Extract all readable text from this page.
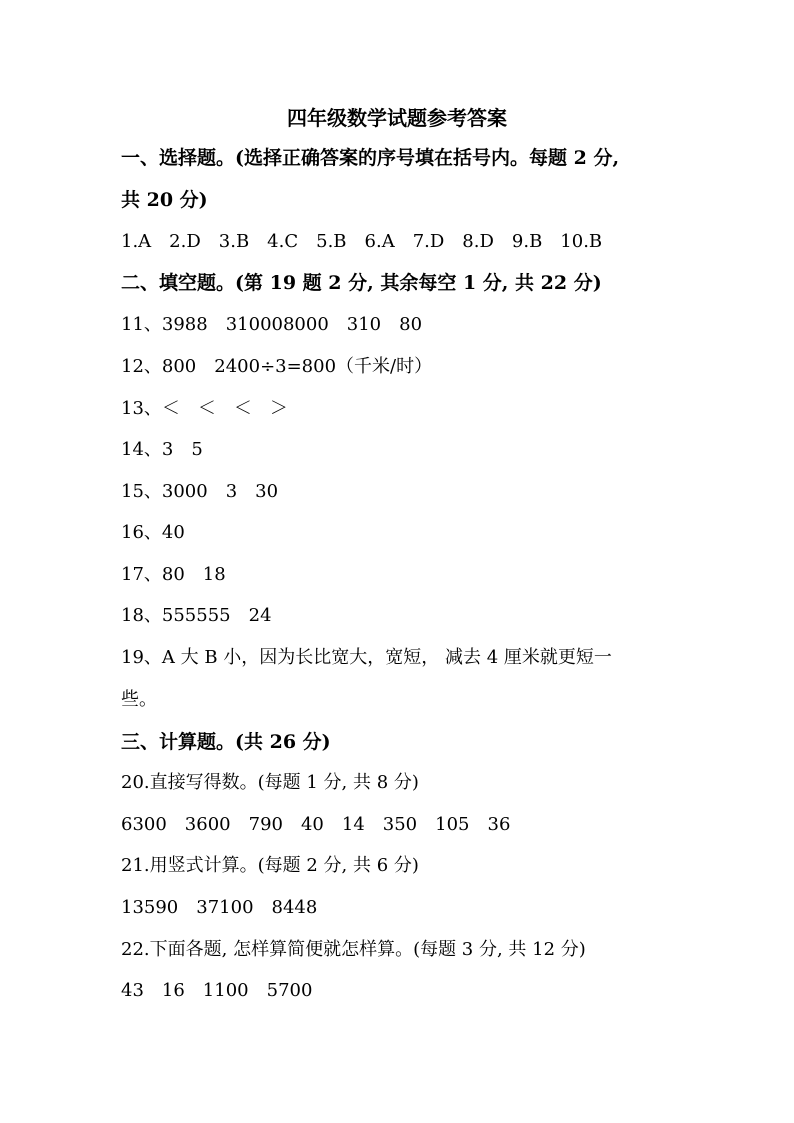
四年级数学试题参考答案
一、选择题。(选择正确答案的序号填在括号内。每题 2 分,
共 20 分)
1.A　2.D　3.B　4.C　5.B　6.A　7.D　8.D　9.B　10.B
二、填空题。(第 19 题 2 分, 其余每空 1 分, 共 22 分)
11、3988　310008000　310　80
12、800　2400÷3=800（千米/时）
13、＜　＜　＜　＞
14、3　5
15、3000　3　30
16、40
17、80　18
18、555555　24
19、A 大 B 小，因为长比宽大，宽短， 减去 4 厘米就更短一
些。
三、计算题。(共 26 分)
20.直接写得数。(每题 1 分, 共 8 分)
6300　3600　790　40　14　350　105　36
21.用竖式计算。(每题 2 分, 共 6 分)
13590　37100　8448
22.下面各题, 怎样算简便就怎样算。(每题 3 分, 共 12 分)
43　16　1100　5700
